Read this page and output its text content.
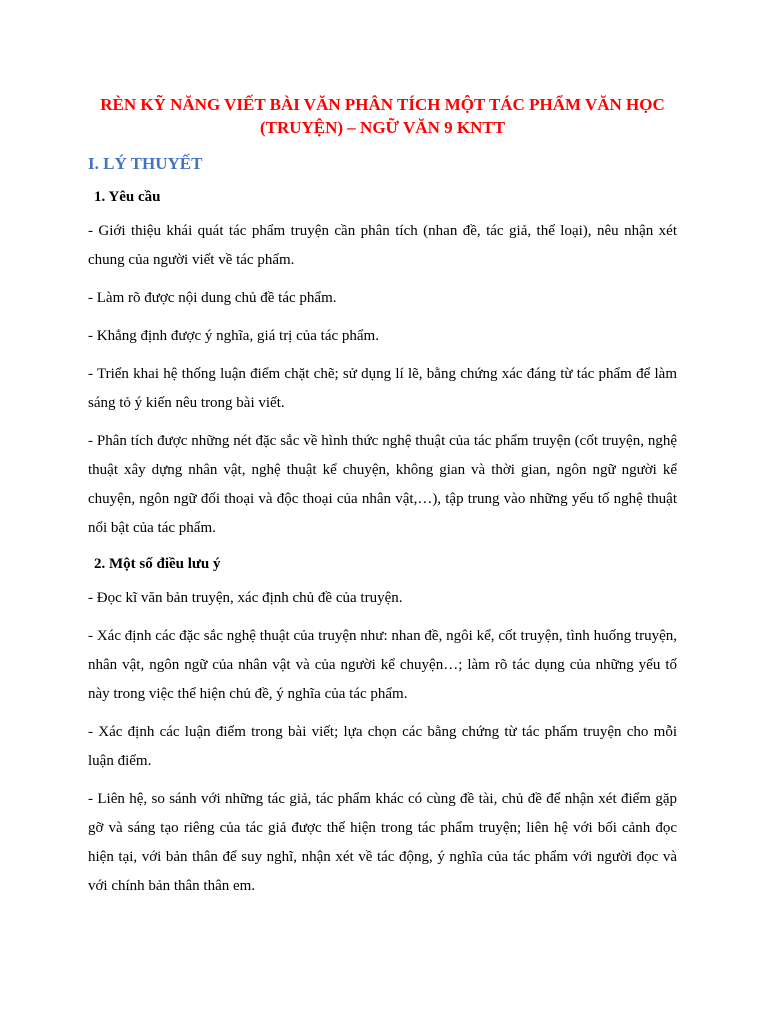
RÈN KỸ NĂNG VIẾT BÀI VĂN PHÂN TÍCH MỘT TÁC PHẨM VĂN HỌC (TRUYỆN) – NGỮ VĂN 9 KNTT
I. LÝ THUYẾT
1. Yêu cầu

- Giới thiệu khái quát tác phẩm truyện cần phân tích (nhan đề, tác giả, thể loại), nêu nhận xét chung của người viết về tác phẩm.

- Làm rõ được nội dung chủ đề tác phẩm.

- Khẳng định được ý nghĩa, giá trị của tác phẩm.

- Triển khai hệ thống luận điểm chặt chẽ; sử dụng lí lẽ, bằng chứng xác đáng từ tác phẩm để làm sáng tỏ ý kiến nêu trong bài viết.

- Phân tích được những nét đặc sắc về hình thức nghệ thuật của tác phẩm truyện (cốt truyện, nghệ thuật xây dựng nhân vật, nghệ thuật kể chuyện, không gian và thời gian, ngôn ngữ người kể chuyện, ngôn ngữ đối thoại và độc thoại của nhân vật,…), tập trung vào những yếu tố nghệ thuật nổi bật của tác phẩm.

2. Một số điều lưu ý

- Đọc kĩ văn bản truyện, xác định chủ đề của truyện.

- Xác định các đặc sắc nghệ thuật của truyện như: nhan đề, ngôi kể, cốt truyện, tình huống truyện, nhân vật, ngôn ngữ của nhân vật và của người kể chuyện…; làm rõ tác dụng của những yếu tố này trong việc thể hiện chủ đề, ý nghĩa của tác phẩm.

- Xác định các luận điểm trong bài viết; lựa chọn các bằng chứng từ tác phẩm truyện cho mỗi luận điểm.

- Liên hệ, so sánh với những tác giả, tác phẩm khác có cùng đề tài, chủ đề để nhận xét điểm gặp gỡ và sáng tạo riêng của tác giả được thể hiện trong tác phẩm truyện; liên hệ với bối cảnh đọc hiện tại, với bản thân để suy nghĩ, nhận xét về tác động, ý nghĩa của tác phẩm với người đọc và với chính bản thân thân em.
